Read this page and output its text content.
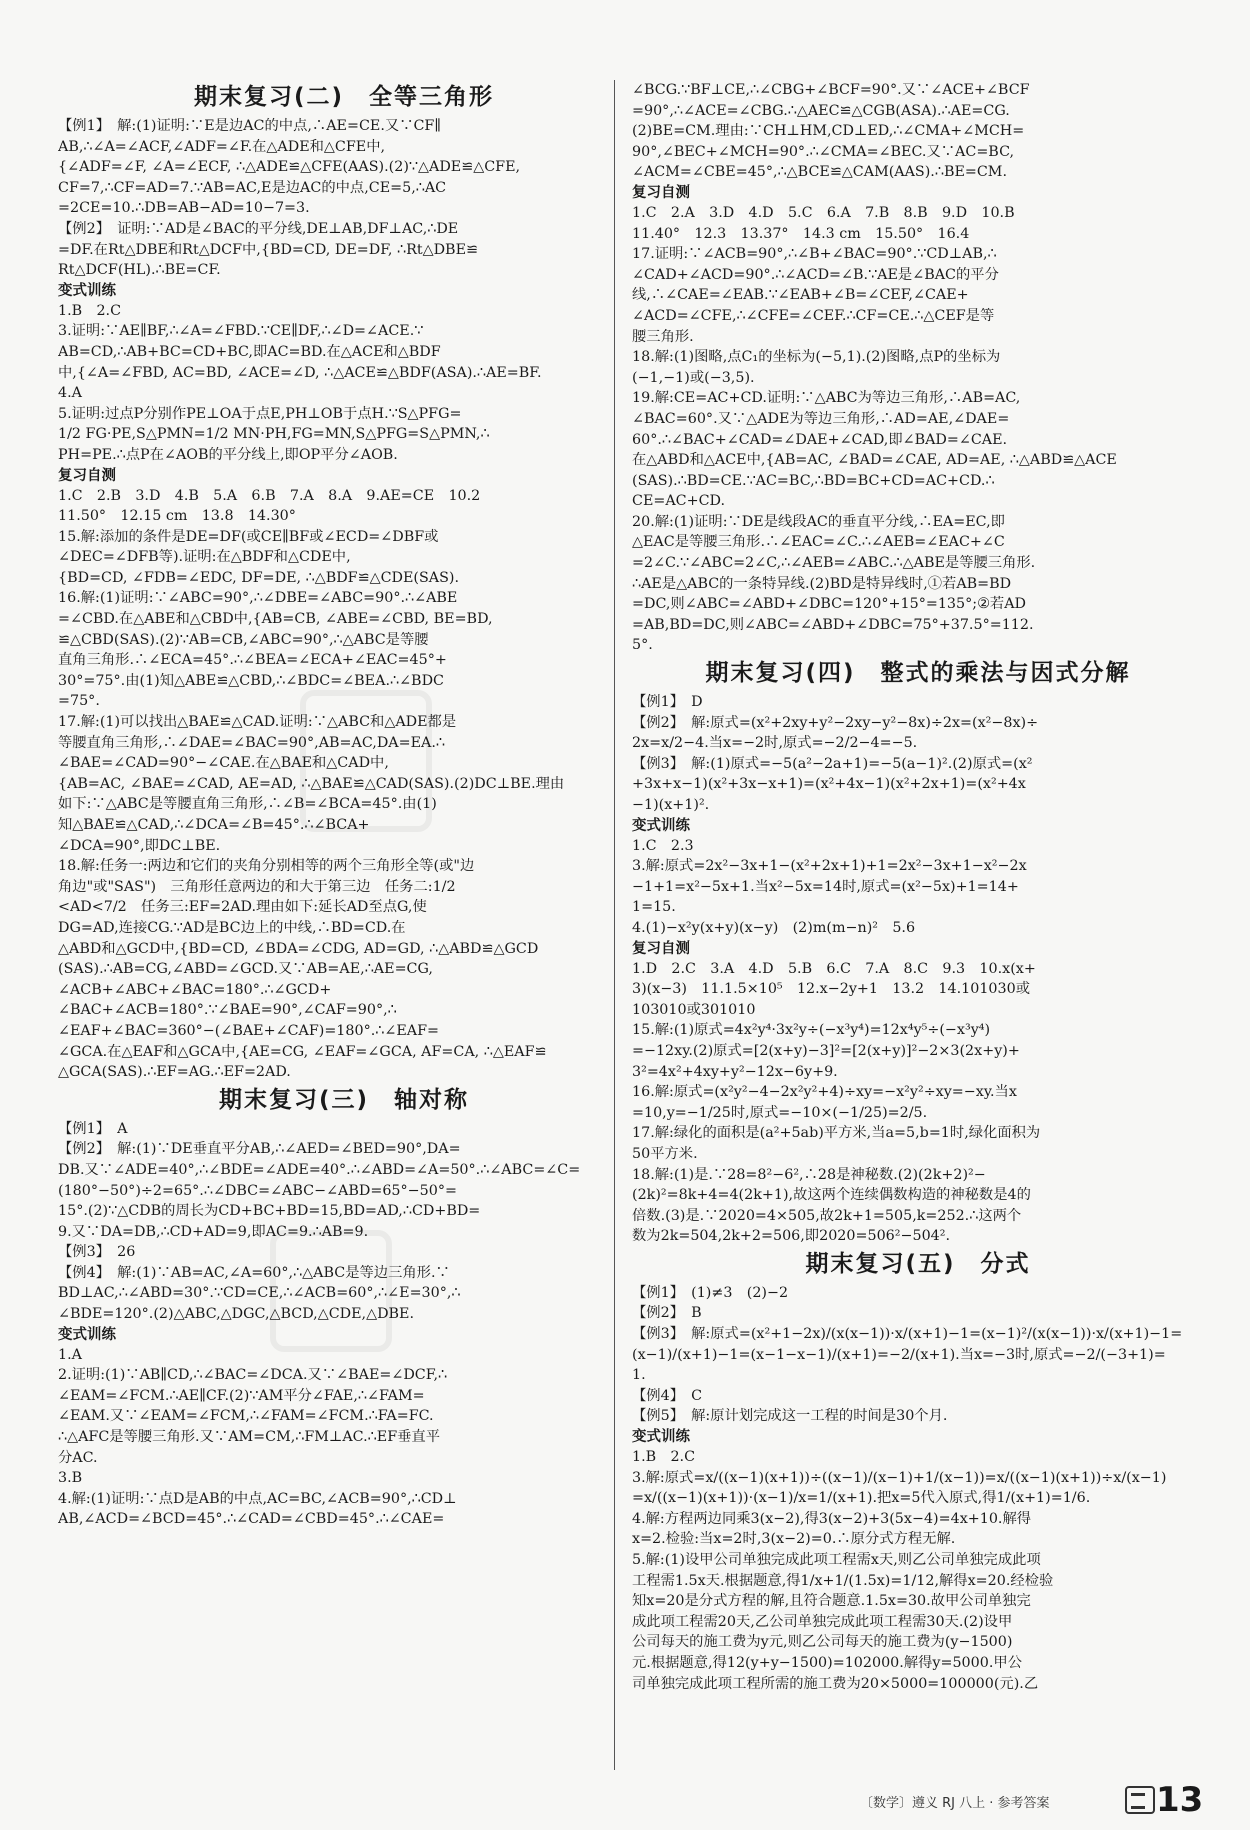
期末复习(二)　全等三角形
【例1】　解:(1)证明:∵E是边AC的中点,∴AE=CE.又∵CF∥
AB,∴∠A=∠ACF,∠ADF=∠F.在△ADE和△CFE中,
{∠ADF=∠F, ∠A=∠ECF, ∴△ADE≌△CFE(AAS).(2)∵△ADE≌△CFE,
CF=7,∴CF=AD=7.∵AB=AC,E是边AC的中点,CE=5,∴AC
=2CE=10.∴DB=AB−AD=10−7=3.
【例2】　证明:∵AD是∠BAC的平分线,DE⊥AB,DF⊥AC,∴DE
=DF.在Rt△DBE和Rt△DCF中,{BD=CD, DE=DF, ∴Rt△DBE≌
Rt△DCF(HL).∴BE=CF.
变式训练
1.B　2.C
3.证明:∵AE∥BF,∴∠A=∠FBD.∵CE∥DF,∴∠D=∠ACE.∵
AB=CD,∴AB+BC=CD+BC,即AC=BD.在△ACE和△BDF
中,{∠A=∠FBD, AC=BD, ∠ACE=∠D, ∴△ACE≌△BDF(ASA).∴AE=BF.
4.A
5.证明:过点P分别作PE⊥OA于点E,PH⊥OB于点H.∵S△PFG=
1/2 FG·PE,S△PMN=1/2 MN·PH,FG=MN,S△PFG=S△PMN,∴
PH=PE.∴点P在∠AOB的平分线上,即OP平分∠AOB.
复习自测
1.C　2.B　3.D　4.B　5.A　6.B　7.A　8.A　9.AE=CE　10.2
11.50°　12.15 cm　13.8　14.30°
15.解:添加的条件是DE=DF(或CE∥BF或∠ECD=∠DBF或
∠DEC=∠DFB等).证明:在△BDF和△CDE中,
{BD=CD, ∠FDB=∠EDC, DF=DE, ∴△BDF≌△CDE(SAS).
16.解:(1)证明:∵∠ABC=90°,∴∠DBE=∠ABC=90°.∴∠ABE
=∠CBD.在△ABE和△CBD中,{AB=CB, ∠ABE=∠CBD, BE=BD,
≌△CBD(SAS).(2)∵AB=CB,∠ABC=90°,∴△ABC是等腰
直角三角形.∴∠ECA=45°.∴∠BEA=∠ECA+∠EAC=45°+
30°=75°.由(1)知△ABE≌△CBD,∴∠BDC=∠BEA.∴∠BDC
=75°.
17.解:(1)可以找出△BAE≌△CAD.证明:∵△ABC和△ADE都是
等腰直角三角形,∴∠DAE=∠BAC=90°,AB=AC,DA=EA.∴
∠BAE=∠CAD=90°−∠CAE.在△BAE和△CAD中,
{AB=AC, ∠BAE=∠CAD, AE=AD, ∴△BAE≌△CAD(SAS).(2)DC⊥BE.理由
如下:∵△ABC是等腰直角三角形,∴∠B=∠BCA=45°.由(1)
知△BAE≌△CAD,∴∠DCA=∠B=45°.∴∠BCA+
∠DCA=90°,即DC⊥BE.
18.解:任务一:两边和它们的夹角分别相等的两个三角形全等(或"边
角边"或"SAS")　三角形任意两边的和大于第三边　任务二:1/2
<AD<7/2　任务三:EF=2AD.理由如下:延长AD至点G,使
DG=AD,连接CG.∵AD是BC边上的中线,∴BD=CD.在
△ABD和△GCD中,{BD=CD, ∠BDA=∠CDG, AD=GD, ∴△ABD≌△GCD
(SAS).∴AB=CG,∠ABD=∠GCD.又∵AB=AE,∴AE=CG,
∠ACB+∠ABC+∠BAC=180°.∴∠GCD+
∠BAC+∠ACB=180°.∵∠BAE=90°,∠CAF=90°,∴
∠EAF+∠BAC=360°−(∠BAE+∠CAF)=180°.∴∠EAF=
∠GCA.在△EAF和△GCA中,{AE=CG, ∠EAF=∠GCA, AF=CA, ∴△EAF≌
△GCA(SAS).∴EF=AG.∴EF=2AD.
期末复习(三)　轴对称
【例1】　A
【例2】　解:(1)∵DE垂直平分AB,∴∠AED=∠BED=90°,DA=
DB.又∵∠ADE=40°,∴∠BDE=∠ADE=40°.∴∠ABD=∠A=50°.∴∠ABC=∠C=
(180°−50°)÷2=65°.∴∠DBC=∠ABC−∠ABD=65°−50°=
15°.(2)∵△CDB的周长为CD+BC+BD=15,BD=AD,∴CD+BD=
9.又∵DA=DB,∴CD+AD=9,即AC=9.∴AB=9.
【例3】　26
【例4】　解:(1)∵AB=AC,∠A=60°,∴△ABC是等边三角形.∵
BD⊥AC,∴∠ABD=30°.∵CD=CE,∴∠ACB=60°,∴∠E=30°,∴
∠BDE=120°.(2)△ABC,△DGC,△BCD,△CDE,△DBE.
变式训练
1.A
2.证明:(1)∵AB∥CD,∴∠BAC=∠DCA.又∵∠BAE=∠DCF,∴
∠EAM=∠FCM.∴AE∥CF.(2)∵AM平分∠FAE,∴∠FAM=
∠EAM.又∵∠EAM=∠FCM,∴∠FAM=∠FCM.∴FA=FC.
∴△AFC是等腰三角形.又∵AM=CM,∴FM⊥AC.∴EF垂直平
分AC.
3.B
4.解:(1)证明:∵点D是AB的中点,AC=BC,∠ACB=90°,∴CD⊥
AB,∠ACD=∠BCD=45°.∴∠CAD=∠CBD=45°.∴∠CAE=
∠BCG.∵BF⊥CE,∴∠CBG+∠BCF=90°.又∵∠ACE+∠BCF
=90°,∴∠ACE=∠CBG.∴△AEC≌△CGB(ASA).∴AE=CG.
(2)BE=CM.理由:∵CH⊥HM,CD⊥ED,∴∠CMA+∠MCH=
90°,∠BEC+∠MCH=90°.∴∠CMA=∠BEC.又∵AC=BC,
∠ACM=∠CBE=45°,∴△BCE≌△CAM(AAS).∴BE=CM.
复习自测
1.C　2.A　3.D　4.D　5.C　6.A　7.B　8.B　9.D　10.B
11.40°　12.3　13.37°　14.3 cm　15.50°　16.4
17.证明:∵∠ACB=90°,∴∠B+∠BAC=90°.∵CD⊥AB,∴
∠CAD+∠ACD=90°.∴∠ACD=∠B.∵AE是∠BAC的平分
线,∴∠CAE=∠EAB.∵∠EAB+∠B=∠CEF,∠CAE+
∠ACD=∠CFE,∴∠CFE=∠CEF.∴CF=CE.∴△CEF是等
腰三角形.
18.解:(1)图略,点C₁的坐标为(−5,1).(2)图略,点P的坐标为
(−1,−1)或(−3,5).
19.解:CE=AC+CD.证明:∵△ABC为等边三角形,∴AB=AC,
∠BAC=60°.又∵△ADE为等边三角形,∴AD=AE,∠DAE=
60°.∴∠BAC+∠CAD=∠DAE+∠CAD,即∠BAD=∠CAE.
在△ABD和△ACE中,{AB=AC, ∠BAD=∠CAE, AD=AE, ∴△ABD≌△ACE
(SAS).∴BD=CE.∵AC=BC,∴BD=BC+CD=AC+CD.∴
CE=AC+CD.
20.解:(1)证明:∵DE是线段AC的垂直平分线,∴EA=EC,即
△EAC是等腰三角形.∴∠EAC=∠C.∴∠AEB=∠EAC+∠C
=2∠C.∵∠ABC=2∠C,∴∠AEB=∠ABC.∴△ABE是等腰三角形.
∴AE是△ABC的一条特异线.(2)BD是特异线时,①若AB=BD
=DC,则∠ABC=∠ABD+∠DBC=120°+15°=135°;②若AD
=AB,BD=DC,则∠ABC=∠ABD+∠DBC=75°+37.5°=112.
5°.
期末复习(四)　整式的乘法与因式分解
【例1】　D
【例2】　解:原式=(x²+2xy+y²−2xy−y²−8x)÷2x=(x²−8x)÷
2x=x/2−4.当x=−2时,原式=−2/2−4=−5.
【例3】　解:(1)原式=−5(a²−2a+1)=−5(a−1)².(2)原式=(x²
+3x+x−1)(x²+3x−x+1)=(x²+4x−1)(x²+2x+1)=(x²+4x
−1)(x+1)².
变式训练
1.C　2.3
3.解:原式=2x²−3x+1−(x²+2x+1)+1=2x²−3x+1−x²−2x
−1+1=x²−5x+1.当x²−5x=14时,原式=(x²−5x)+1=14+
1=15.
4.(1)−x²y(x+y)(x−y)　(2)m(m−n)²　5.6
复习自测
1.D　2.C　3.A　4.D　5.B　6.C　7.A　8.C　9.3　10.x(x+
3)(x−3)　11.1.5×10⁵　12.x−2y+1　13.2　14.101030或
103010或301010
15.解:(1)原式=4x²y⁴·3x²y÷(−x³y⁴)=12x⁴y⁵÷(−x³y⁴)
=−12xy.(2)原式=[2(x+y)−3]²=[2(x+y)]²−2×3(2x+y)+
3²=4x²+4xy+y²−12x−6y+9.
16.解:原式=(x²y²−4−2x²y²+4)÷xy=−x²y²÷xy=−xy.当x
=10,y=−1/25时,原式=−10×(−1/25)=2/5.
17.解:绿化的面积是(a²+5ab)平方米,当a=5,b=1时,绿化面积为
50平方米.
18.解:(1)是.∵28=8²−6²,∴28是神秘数.(2)(2k+2)²−
(2k)²=8k+4=4(2k+1),故这两个连续偶数构造的神秘数是4的
倍数.(3)是.∵2020=4×505,故2k+1=505,k=252.∴这两个
数为2k=504,2k+2=506,即2020=506²−504².
期末复习(五)　分式
【例1】　(1)≠3　(2)−2
【例2】　B
【例3】　解:原式=(x²+1−2x)/(x(x−1))·x/(x+1)−1=(x−1)²/(x(x−1))·x/(x+1)−1=
(x−1)/(x+1)−1=(x−1−x−1)/(x+1)=−2/(x+1).当x=−3时,原式=−2/(−3+1)=
1.
【例4】　C
【例5】　解:原计划完成这一工程的时间是30个月.
变式训练
1.B　2.C
3.解:原式=x/((x−1)(x+1))÷((x−1)/(x−1)+1/(x−1))=x/((x−1)(x+1))÷x/(x−1)
=x/((x−1)(x+1))·(x−1)/x=1/(x+1).把x=5代入原式,得1/(x+1)=1/6.
4.解:方程两边同乘3(x−2),得3(x−2)+3(5x−4)=4x+10.解得
x=2.检验:当x=2时,3(x−2)=0.∴原分式方程无解.
5.解:(1)设甲公司单独完成此项工程需x天,则乙公司单独完成此项
工程需1.5x天.根据题意,得1/x+1/(1.5x)=1/12,解得x=20.经检验
知x=20是分式方程的解,且符合题意.1.5x=30.故甲公司单独完
成此项工程需20天,乙公司单独完成此项工程需30天.(2)设甲
公司每天的施工费为y元,则乙公司每天的施工费为(y−1500)
元.根据题意,得12(y+y−1500)=102000.解得y=5000.甲公
司单独完成此项工程所需的施工费为20×5000=100000(元).乙
〔数学〕遵义 RJ 八上 · 参考答案	13
